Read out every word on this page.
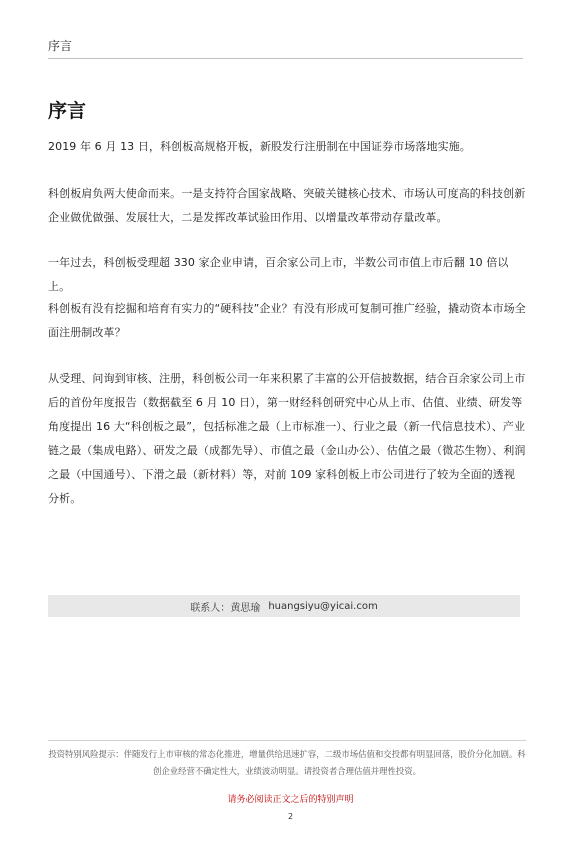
序言
序言

2019 年 6 月 13 日，科创板高规格开板，新股发行注册制在中国证券市场落地实施。

科创板肩负两大使命而来。一是支持符合国家战略、突破关键核心技术、市场认可度高的科技创新企业做优做强、发展壮大，二是发挥改革试验田作用、以增量改革带动存量改革。

一年过去，科创板受理超 330 家企业申请，百余家公司上市，半数公司市值上市后翻 10 倍以上。

科创板有没有挖掘和培育有实力的“硬科技”企业？有没有形成可复制可推广经验，撬动资本市场全面注册制改革？

从受理、问询到审核、注册，科创板公司一年来积累了丰富的公开信披数据，结合百余家公司上市后的首份年度报告（数据截至 6 月 10 日），第一财经科创研究中心从上市、估值、业绩、研发等角度提出 16 大“科创板之最”，包括标准之最（上市标准一）、行业之最（新一代信息技术）、产业链之最（集成电路）、研发之最（成都先导）、市值之最（金山办公）、估值之最（微芯生物）、利润之最（中国通号）、下滑之最（新材料）等，对前 109 家科创板上市公司进行了较为全面的透视分析。

联系人： 黄思瑜 huangsiyu@yicai.com

投资特别风险提示：伴随发行上市审核的常态化推进，增量供给迅速扩容，二级市场估值和交投都有明显回落，股价分化加剧。科创企业经营不确定性大，业绩波动明显。请投资者合理估值并理性投资。

请务必阅读正文之后的特别声明
2
